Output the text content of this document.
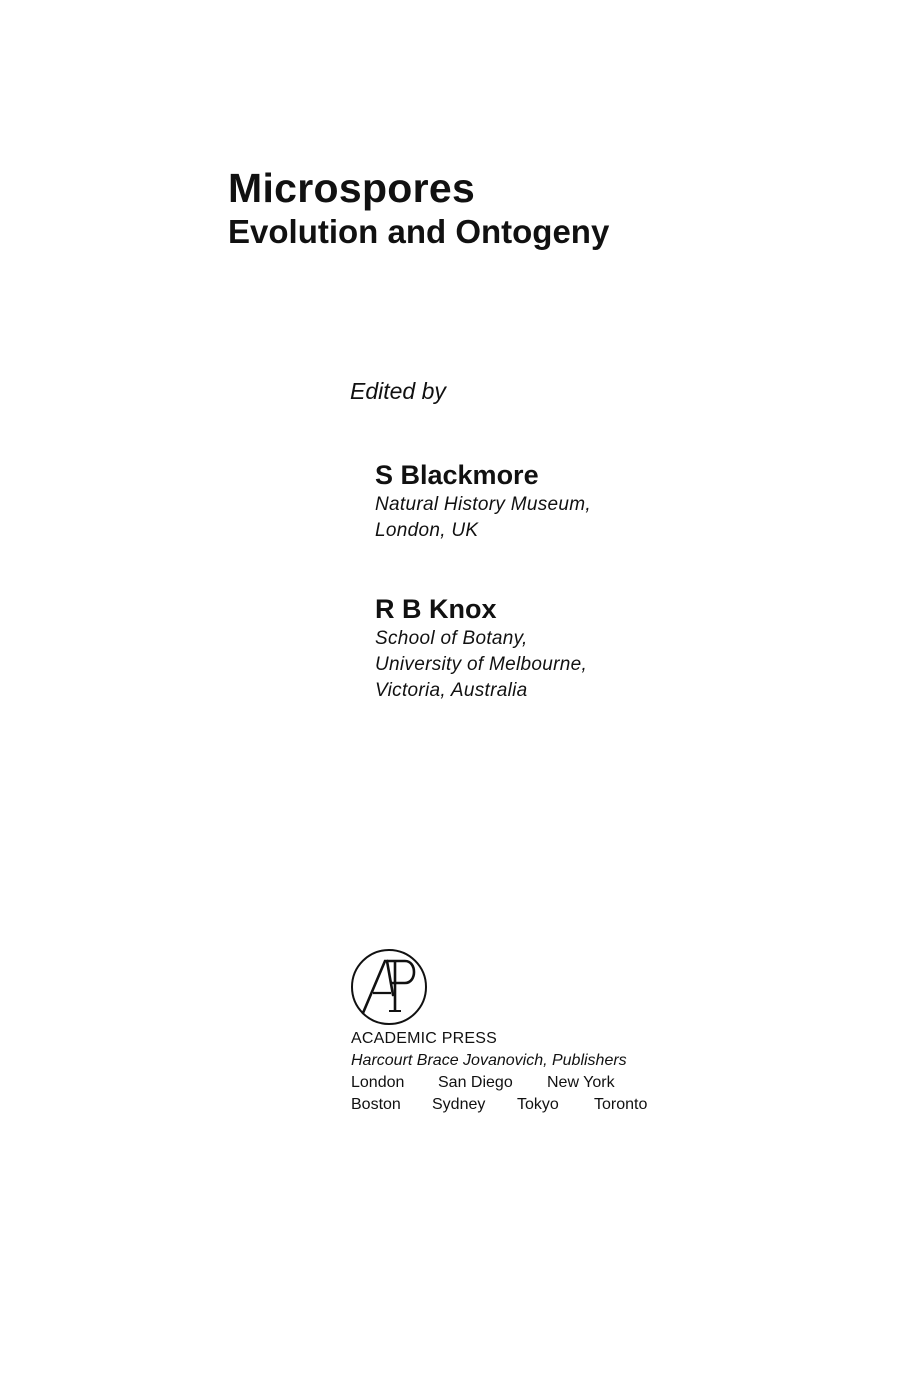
Microspores
Evolution and Ontogeny
Edited by
S Blackmore
Natural History Museum,
London, UK
R B Knox
School of Botany,
University of Melbourne,
Victoria, Australia
ACADEMIC PRESS
Harcourt Brace Jovanovich, Publishers
London San Diego New York
Boston Sydney Tokyo Toronto
